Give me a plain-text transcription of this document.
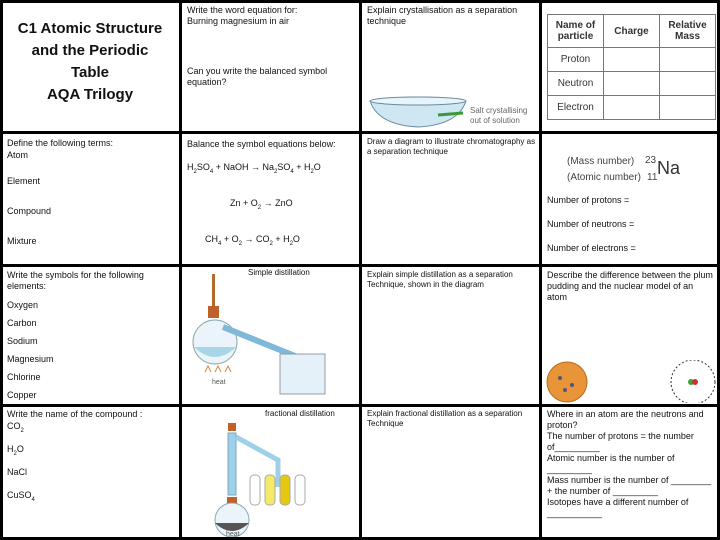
C1 Atomic Structure
and the Periodic
Table
AQA Trilogy
Write the word equation for:
Burning magnesium in air
Can you write the balanced symbol equation?
Explain crystallisation as a separation technique
Salt crystallising out of solution
Name of particle	Charge	Relative Mass
Proton		
Neutron		
Electron		
Define the following terms:
Atom
Element
Compound
Mixture
Balance the symbol equations below:
$H_2SO_4$ + NaOH → $Na_2SO_4 + H_2O$
$Zn + O_2$ → ZnO
$CH_4 + O_2 \to CO_2 + H_2O$
Draw a diagram to illustrate chromatography as a separation technique
(Mass number)
(Atomic number)
23
11 Na
Number of protons =
Number of neutrons =
Number of electrons =
Write the symbols for the following elements:
Oxygen
Carbon
Sodium
Magnesium
Chlorine
Copper
Simple distillation
heat
Explain simple distillation as a separation Technique, shown in the diagram
Describe the difference between the plum pudding and the nuclear model of an atom
Write the name of the compound :
$CO_2$
$H_2O$
NaCl
CuSO$_4$
fractional distillation
heat
Explain fractional distillation as a separation Technique
Where in an atom are the neutrons and proton?
The number of protons = the number of_________
Atomic number is the number of _________
Mass number is the number of ________ + the number of _________
Isotopes have a different number of ___________
